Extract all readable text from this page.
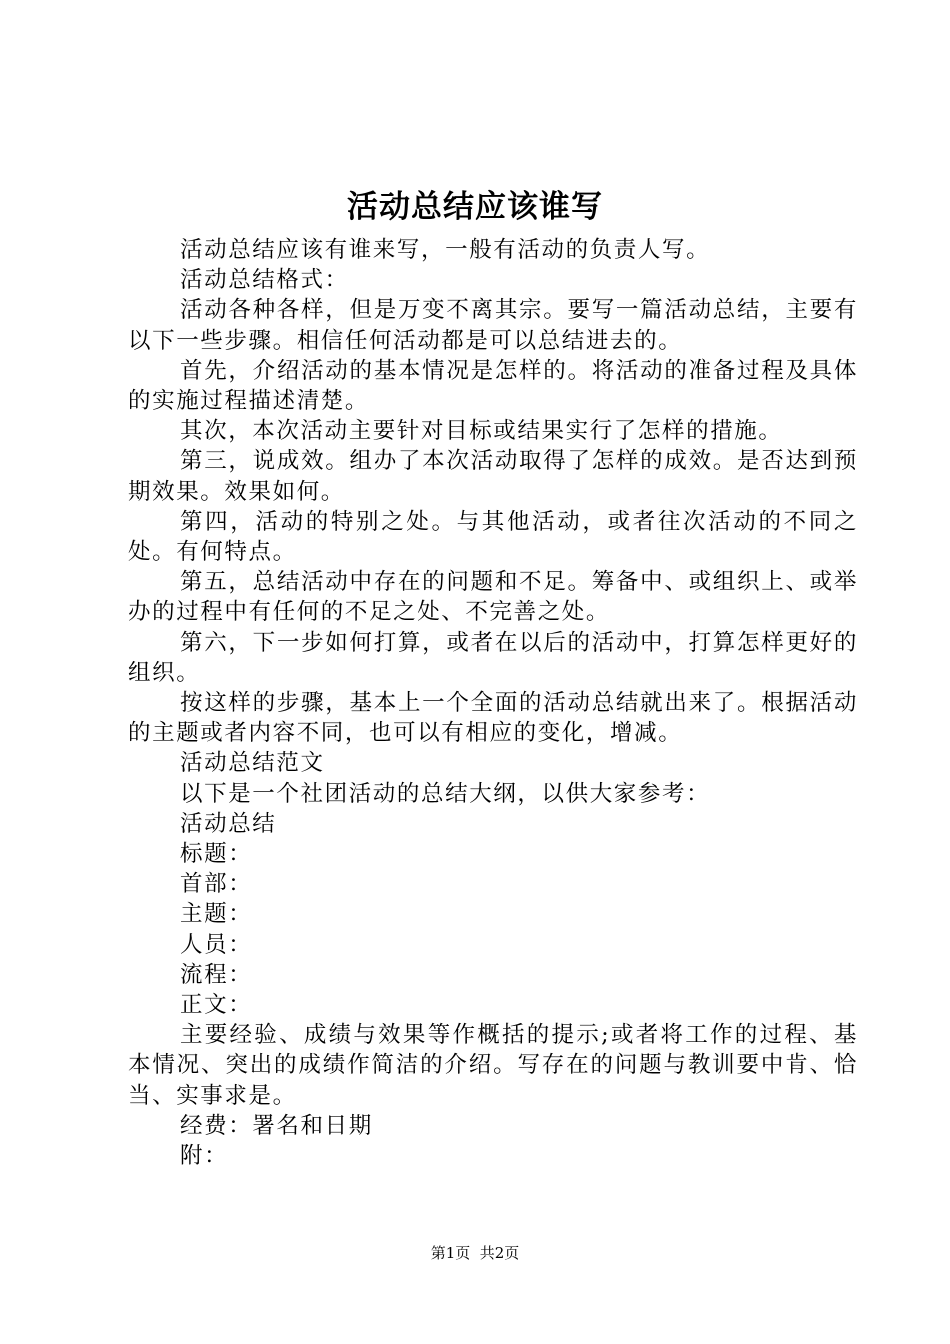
活动总结应该谁写

活动总结应该有谁来写，一般有活动的负责人写。

活动总结格式：

活动各种各样，但是万变不离其宗。要写一篇活动总结，主要有以下一些步骤。相信任何活动都是可以总结进去的。

首先，介绍活动的基本情况是怎样的。将活动的准备过程及具体的实施过程描述清楚。

其次，本次活动主要针对目标或结果实行了怎样的措施。

第三，说成效。组办了本次活动取得了怎样的成效。是否达到预期效果。效果如何。

第四，活动的特别之处。与其他活动，或者往次活动的不同之处。有何特点。

第五，总结活动中存在的问题和不足。筹备中、或组织上、或举办的过程中有任何的不足之处、不完善之处。

第六，下一步如何打算，或者在以后的活动中，打算怎样更好的组织。

按这样的步骤，基本上一个全面的活动总结就出来了。根据活动的主题或者内容不同，也可以有相应的变化，增减。

活动总结范文

以下是一个社团活动的总结大纲，以供大家参考：

活动总结

标题：

首部：

主题：

人员：

流程：

正文：

主要经验、成绩与效果等作概括的提示;或者将工作的过程、基本情况、突出的成绩作简洁的介绍。写存在的问题与教训要中肯、恰当、实事求是。

经费：署名和日期

附：

第1页  共2页
